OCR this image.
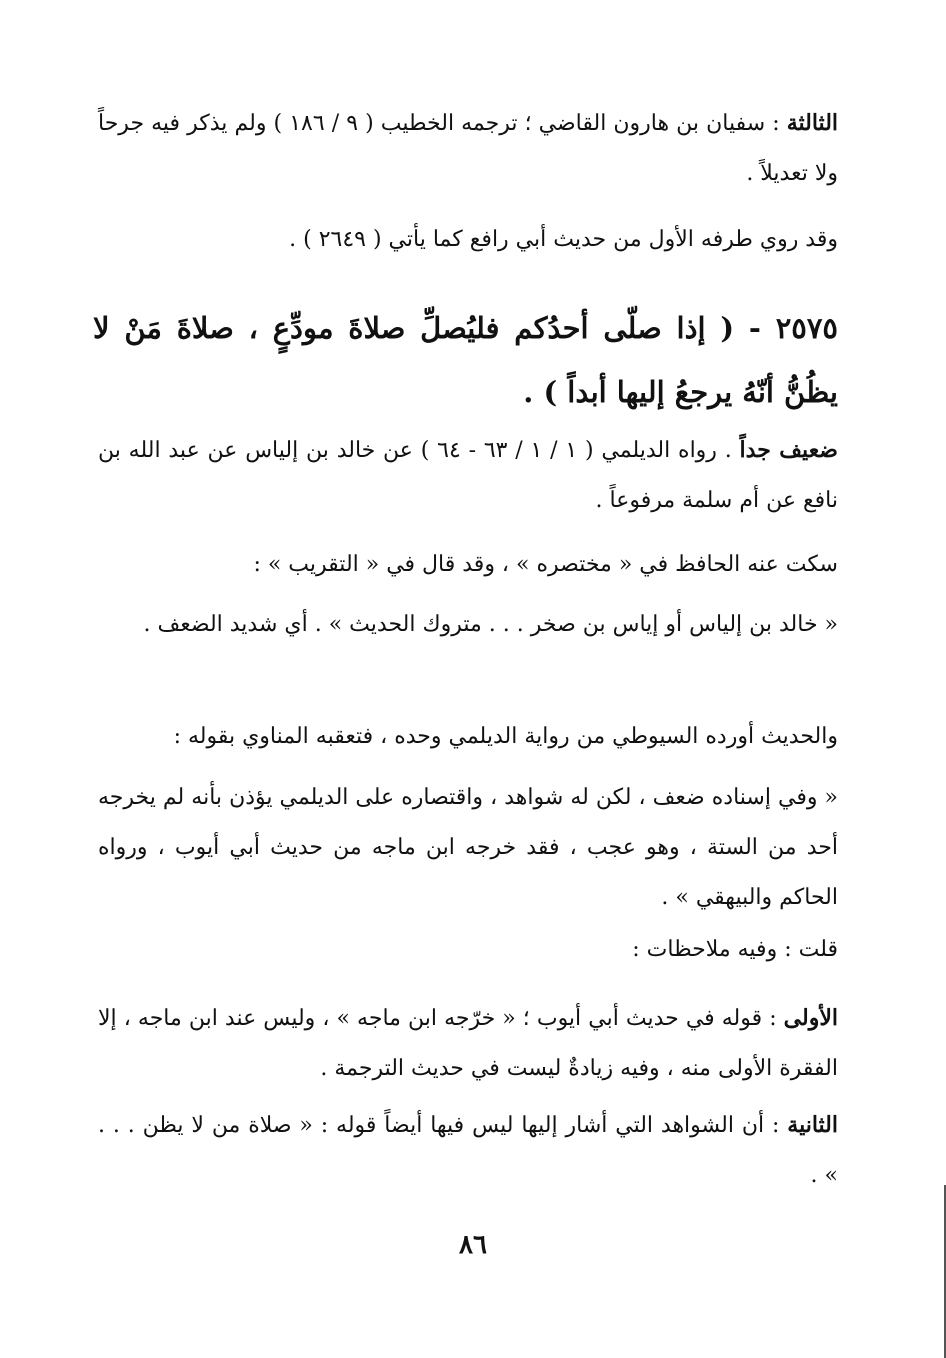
الثالثة : سفيان بن هارون القاضي ؛ ترجمه الخطيب ( ٩ / ١٨٦ ) ولم يذكر فيه جرحاً ولا تعديلاً .

وقد روي طرفه الأول من حديث أبي رافع كما يأتي ( ٢٦٤٩ ) .

٢٥٧٥ - ( إذا صلّى أحدُكم فليُصلِّ صلاةَ مودِّعٍ ، صلاةَ مَنْ لا يظُنُّ أنّهُ يرجعُ إليها أبداً ) .

ضعيف جداً . رواه الديلمي ( ١ / ١ / ٦٣ - ٦٤ ) عن خالد بن إلياس عن عبد الله بن نافع عن أم سلمة مرفوعاً .

سكت عنه الحافظ في « مختصره » ، وقد قال في « التقريب » :

« خالد بن إلياس أو إياس بن صخر . . . متروك الحديث » . أي شديد الضعف .

والحديث أورده السيوطي من رواية الديلمي وحده ، فتعقبه المناوي بقوله :

« وفي إسناده ضعف ، لكن له شواهد ، واقتصاره على الديلمي يؤذن بأنه لم يخرجه أحد من الستة ، وهو عجب ، فقد خرجه ابن ماجه من حديث أبي أيوب ، ورواه الحاكم والبيهقي » .

قلت : وفيه ملاحظات :

الأولى : قوله في حديث أبي أيوب ؛ « خرّجه ابن ماجه » ، وليس عند ابن ماجه ، إلا الفقرة الأولى منه ، وفيه زيادةٌ ليست في حديث الترجمة .

الثانية : أن الشواهد التي أشار إليها ليس فيها أيضاً قوله : « صلاة من لا يظن . . . » .

٨٦
